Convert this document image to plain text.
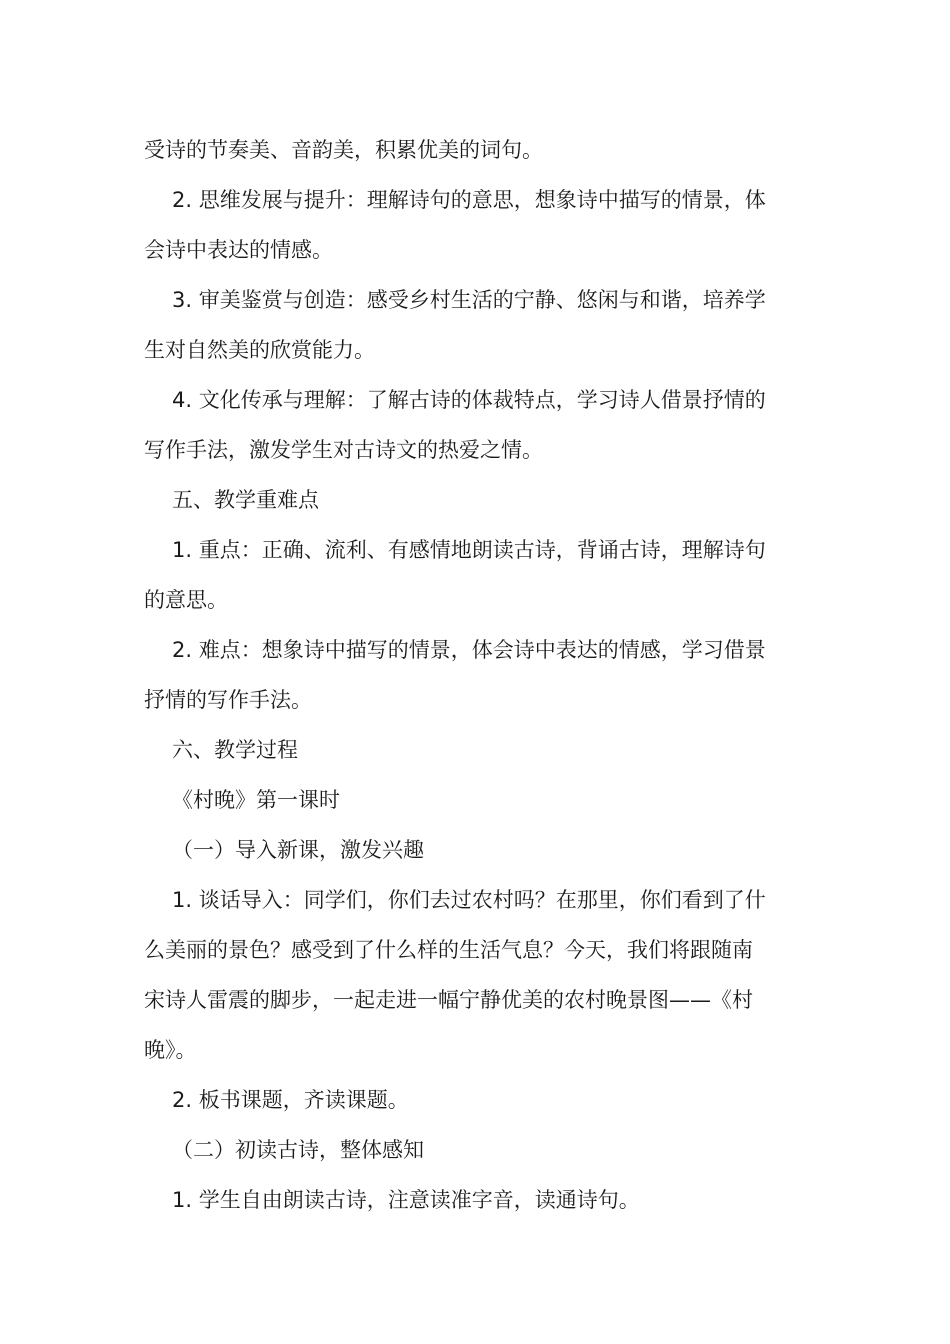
受诗的节奏美、音韵美，积累优美的词句。
2. 思维发展与提升：理解诗句的意思，想象诗中描写的情景，体
会诗中表达的情感。
3. 审美鉴赏与创造：感受乡村生活的宁静、悠闲与和谐，培养学
生对自然美的欣赏能力。
4. 文化传承与理解：了解古诗的体裁特点，学习诗人借景抒情的
写作手法，激发学生对古诗文的热爱之情。
五、教学重难点
1. 重点：正确、流利、有感情地朗读古诗，背诵古诗，理解诗句
的意思。
2. 难点：想象诗中描写的情景，体会诗中表达的情感，学习借景
抒情的写作手法。
六、教学过程
《村晚》第一课时
（一）导入新课，激发兴趣
1. 谈话导入：同学们，你们去过农村吗？在那里，你们看到了什
么美丽的景色？感受到了什么样的生活气息？今天，我们将跟随南
宋诗人雷震的脚步，一起走进一幅宁静优美的农村晚景图——《村
晚》。
2. 板书课题，齐读课题。
（二）初读古诗，整体感知
1. 学生自由朗读古诗，注意读准字音，读通诗句。
